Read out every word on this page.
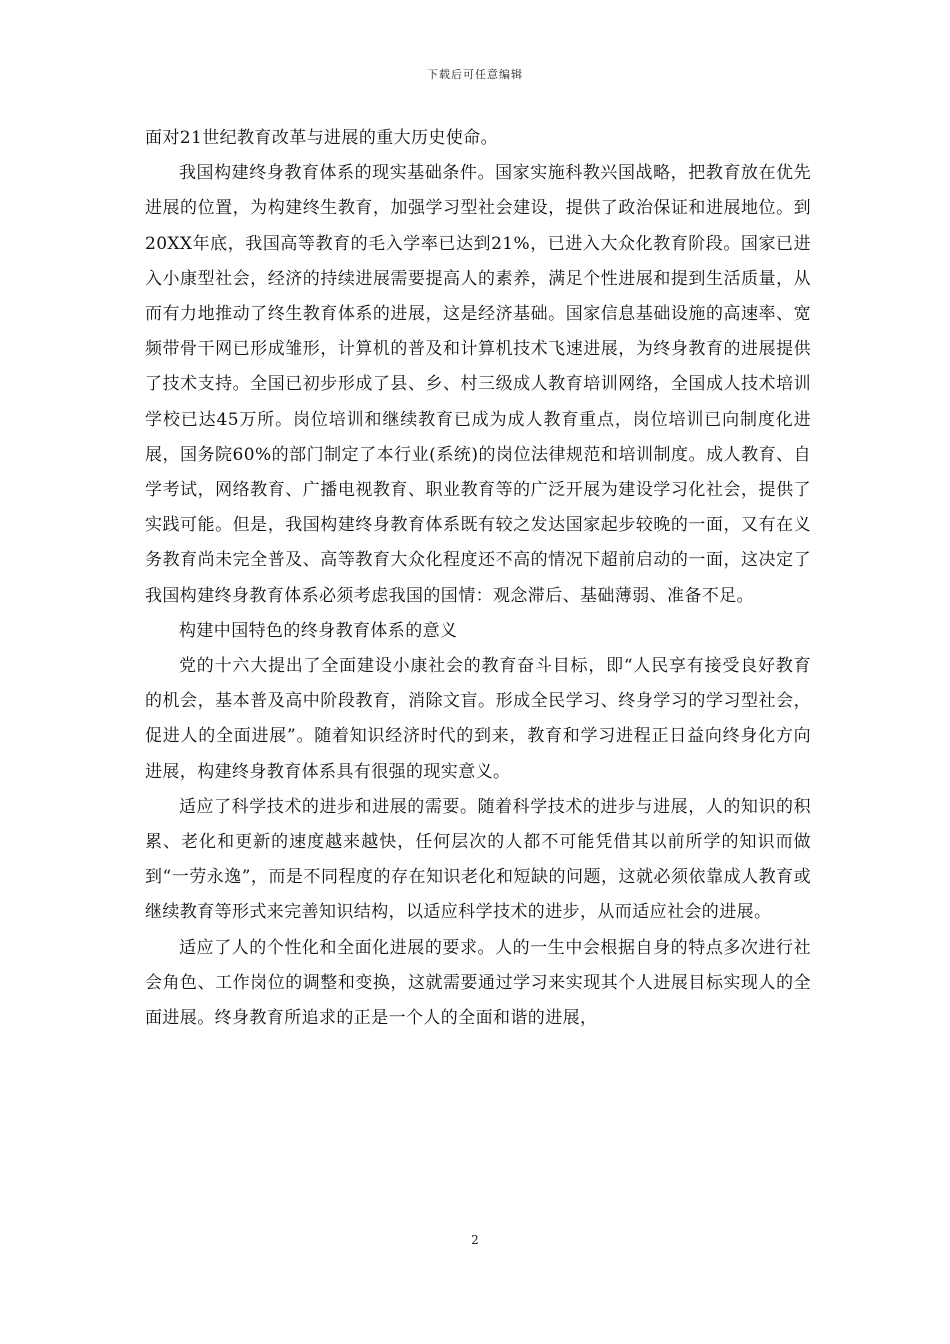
下载后可任意编辑

面对21世纪教育改革与进展的重大历史使命。

我国构建终身教育体系的现实基础条件。国家实施科教兴国战略，把教育放在优先进展的位置，为构建终生教育，加强学习型社会建设，提供了政治保证和进展地位。到20XX年底，我国高等教育的毛入学率已达到21%，已进入大众化教育阶段。国家已进入小康型社会，经济的持续进展需要提高人的素养，满足个性进展和提到生活质量，从而有力地推动了终生教育体系的进展，这是经济基础。国家信息基础设施的高速率、宽频带骨干网已形成雏形，计算机的普及和计算机技术飞速进展，为终身教育的进展提供了技术支持。全国已初步形成了县、乡、村三级成人教育培训网络，全国成人技术培训学校已达45万所。岗位培训和继续教育已成为成人教育重点，岗位培训已向制度化进展，国务院60%的部门制定了本行业(系统)的岗位法律规范和培训制度。成人教育、自学考试，网络教育、广播电视教育、职业教育等的广泛开展为建设学习化社会，提供了实践可能。但是，我国构建终身教育体系既有较之发达国家起步较晚的一面，又有在义务教育尚未完全普及、高等教育大众化程度还不高的情况下超前启动的一面，这决定了我国构建终身教育体系必须考虑我国的国情：观念滞后、基础薄弱、准备不足。

构建中国特色的终身教育体系的意义

党的十六大提出了全面建设小康社会的教育奋斗目标，即“人民享有接受良好教育的机会，基本普及高中阶段教育，消除文盲。形成全民学习、终身学习的学习型社会，促进人的全面进展”。随着知识经济时代的到来，教育和学习进程正日益向终身化方向进展，构建终身教育体系具有很强的现实意义。

适应了科学技术的进步和进展的需要。随着科学技术的进步与进展，人的知识的积累、老化和更新的速度越来越快，任何层次的人都不可能凭借其以前所学的知识而做到“一劳永逸”，而是不同程度的存在知识老化和短缺的问题，这就必须依靠成人教育或继续教育等形式来完善知识结构，以适应科学技术的进步，从而适应社会的进展。

适应了人的个性化和全面化进展的要求。人的一生中会根据自身的特点多次进行社会角色、工作岗位的调整和变换，这就需要通过学习来实现其个人进展目标实现人的全面进展。终身教育所追求的正是一个人的全面和谐的进展，

2
